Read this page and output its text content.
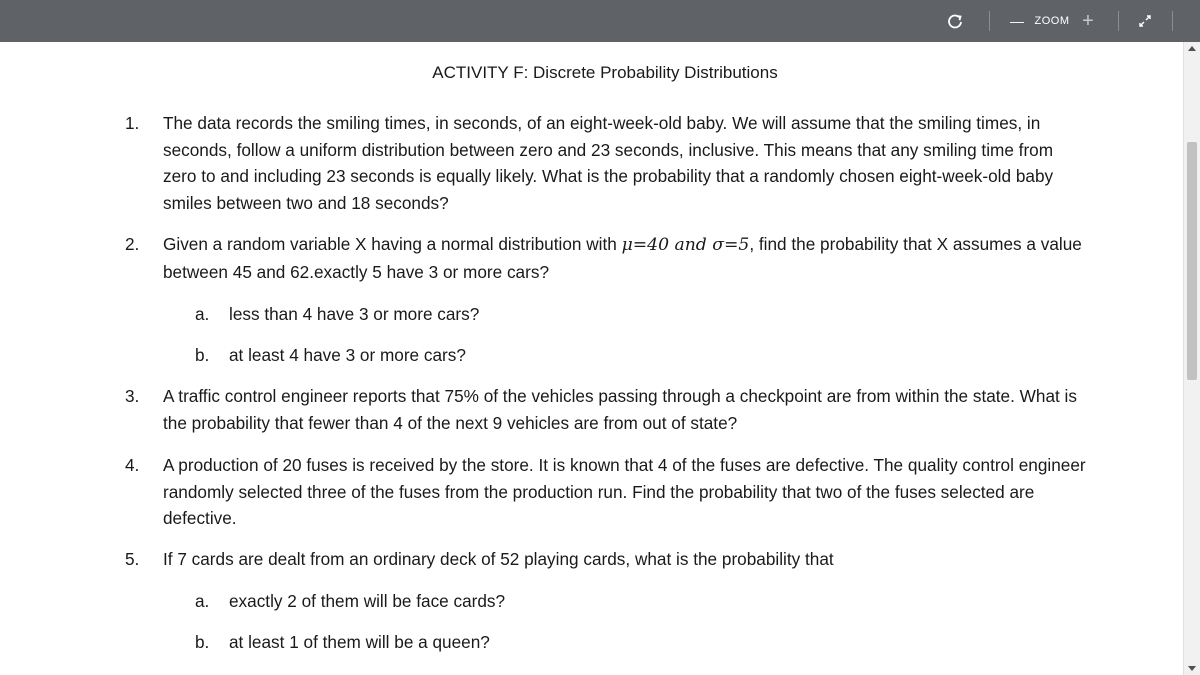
— ZOOM +
ACTIVITY F: Discrete Probability Distributions
1.	The data records the smiling times, in seconds, of an eight-week-old baby. We will assume that the smiling times, in seconds, follow a uniform distribution between zero and 23 seconds, inclusive. This means that any smiling time from zero to and including 23 seconds is equally likely. What is the probability that a randomly chosen eight-week-old baby smiles between two and 18 seconds?
2.	Given a random variable X having a normal distribution with μ=40 and σ=5, find the probability that X assumes a value between 45 and 62.exactly 5 have 3 or more cars?
a. less than 4 have 3 or more cars?
b. at least 4 have 3 or more cars?
3.	A traffic control engineer reports that 75% of the vehicles passing through a checkpoint are from within the state. What is the probability that fewer than 4 of the next 9 vehicles are from out of state?
4.	A production of 20 fuses is received by the store. It is known that 4 of the fuses are defective. The quality control engineer randomly selected three of the fuses from the production run. Find the probability that two of the fuses selected are defective.
5.	If 7 cards are dealt from an ordinary deck of 52 playing cards, what is the probability that
a. exactly 2 of them will be face cards?
b. at least 1 of them will be a queen?
